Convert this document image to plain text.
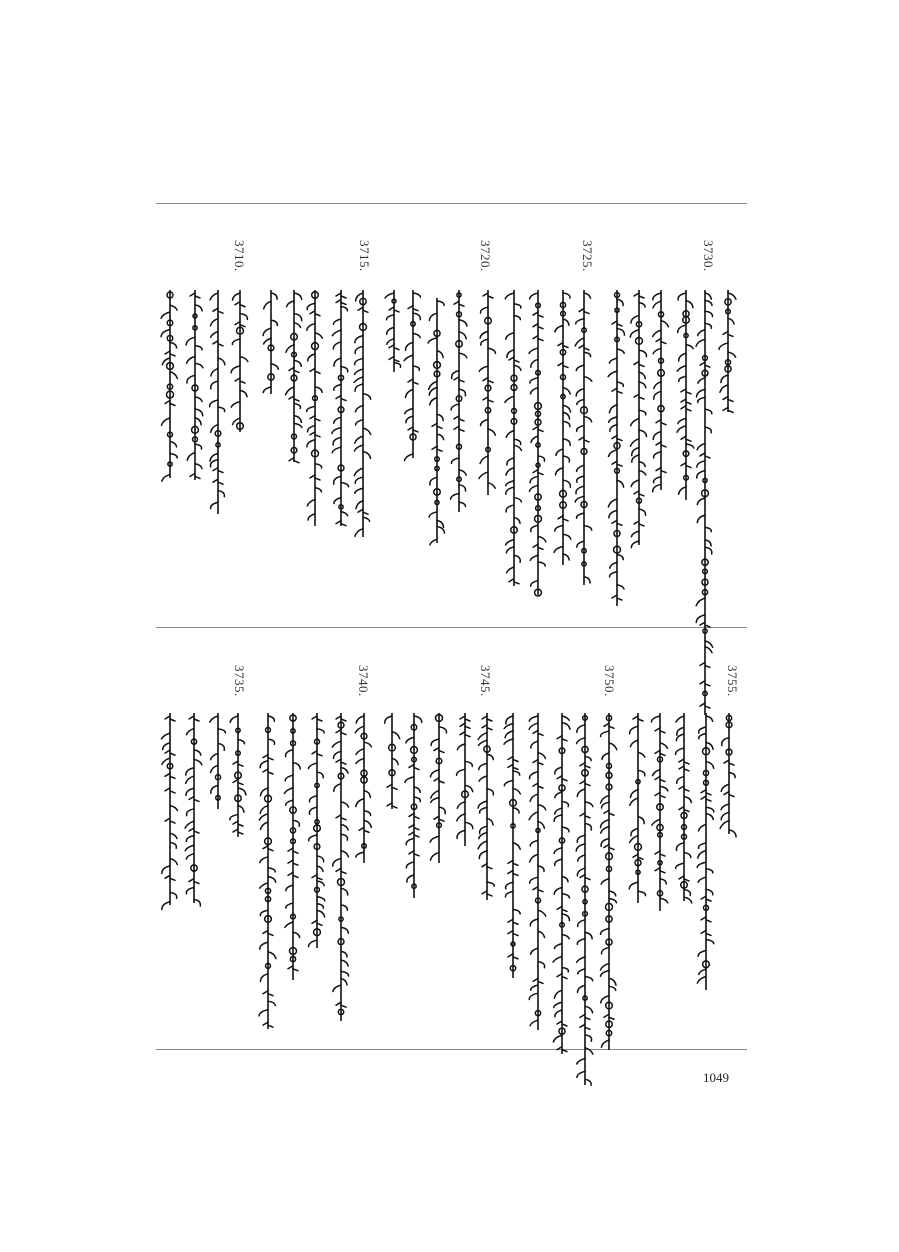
3730.
3725.
3720.
3715.
3710.
3755.
3750.
3745.
3740.
3735.
1049
